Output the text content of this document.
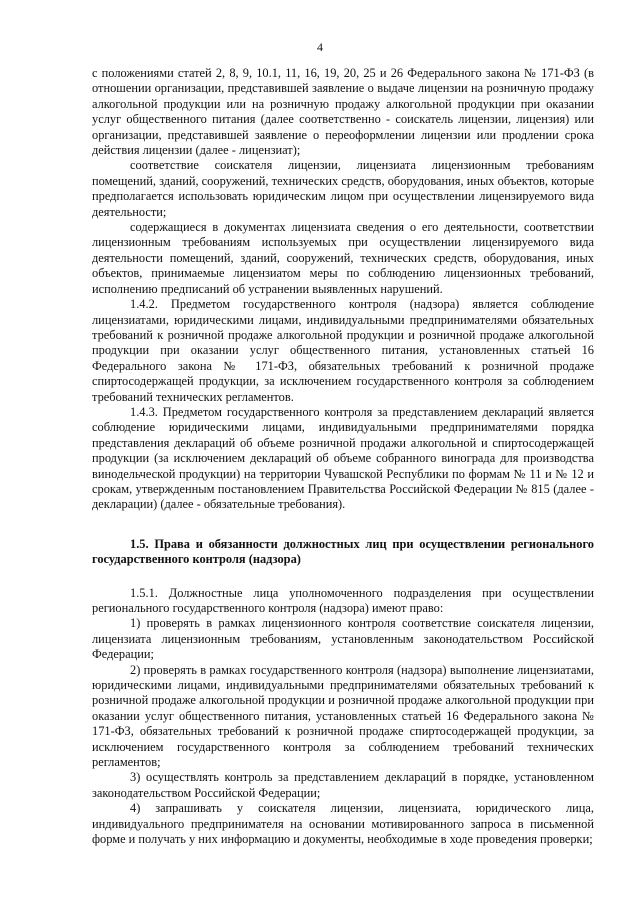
4

с положениями статей 2, 8, 9, 10.1, 11, 16, 19, 20, 25 и 26 Федерального закона № 171-ФЗ (в отношении организации, представившей заявление о выдаче лицензии на розничную продажу алкогольной продукции или на розничную продажу алкогольной продукции при оказании услуг общественного питания (далее соответственно - соискатель лицензии, лицензия) или организации, представившей заявление о переоформлении лицензии или продлении срока действия лицензии (далее - лицензиат);

соответствие соискателя лицензии, лицензиата лицензионным требованиям помещений, зданий, сооружений, технических средств, оборудования, иных объектов, которые предполагается использовать юридическим лицом при осуществлении лицензируемого вида деятельности;

содержащиеся в документах лицензиата сведения о его деятельности, соответствии лицензионным требованиям используемых при осуществлении лицензируемого вида деятельности помещений, зданий, сооружений, технических средств, оборудования, иных объектов, принимаемые лицензиатом меры по соблюдению лицензионных требований, исполнению предписаний об устранении выявленных нарушений.

1.4.2. Предметом государственного контроля (надзора) является соблюдение лицензиатами, юридическими лицами, индивидуальными предпринимателями обязательных требований к розничной продаже алкогольной продукции и розничной продаже алкогольной продукции при оказании услуг общественного питания, установленных статьей 16 Федерального закона № 171-ФЗ, обязательных требований к розничной продаже спиртосодержащей продукции, за исключением государственного контроля за соблюдением требований технических регламентов.

1.4.3. Предметом государственного контроля за представлением деклараций является соблюдение юридическими лицами, индивидуальными предпринимателями порядка представления деклараций об объеме розничной продажи алкогольной и спиртосодержащей продукции (за исключением деклараций об объеме собранного винограда для производства винодельческой продукции) на территории Чувашской Республики по формам № 11 и № 12 и срокам, утвержденным постановлением Правительства Российской Федерации № 815 (далее - декларации) (далее - обязательные требования).

1.5. Права и обязанности должностных лиц при осуществлении регионального государственного контроля (надзора)

1.5.1. Должностные лица уполномоченного подразделения при осуществлении регионального государственного контроля (надзора) имеют право:

1) проверять в рамках лицензионного контроля соответствие соискателя лицензии, лицензиата лицензионным требованиям, установленным законодательством Российской Федерации;

2) проверять в рамках государственного контроля (надзора) выполнение лицензиатами, юридическими лицами, индивидуальными предпринимателями обязательных требований к розничной продаже алкогольной продукции и розничной продаже алкогольной продукции при оказании услуг общественного питания, установленных статьей 16 Федерального закона № 171-ФЗ, обязательных требований к розничной продаже спиртосодержащей продукции, за исключением государственного контроля за соблюдением требований технических регламентов;

3) осуществлять контроль за представлением деклараций в порядке, установленном законодательством Российской Федерации;

4) запрашивать у соискателя лицензии, лицензиата, юридического лица, индивидуального предпринимателя на основании мотивированного запроса в письменной форме и получать у них информацию и документы, необходимые в ходе проведения проверки;
